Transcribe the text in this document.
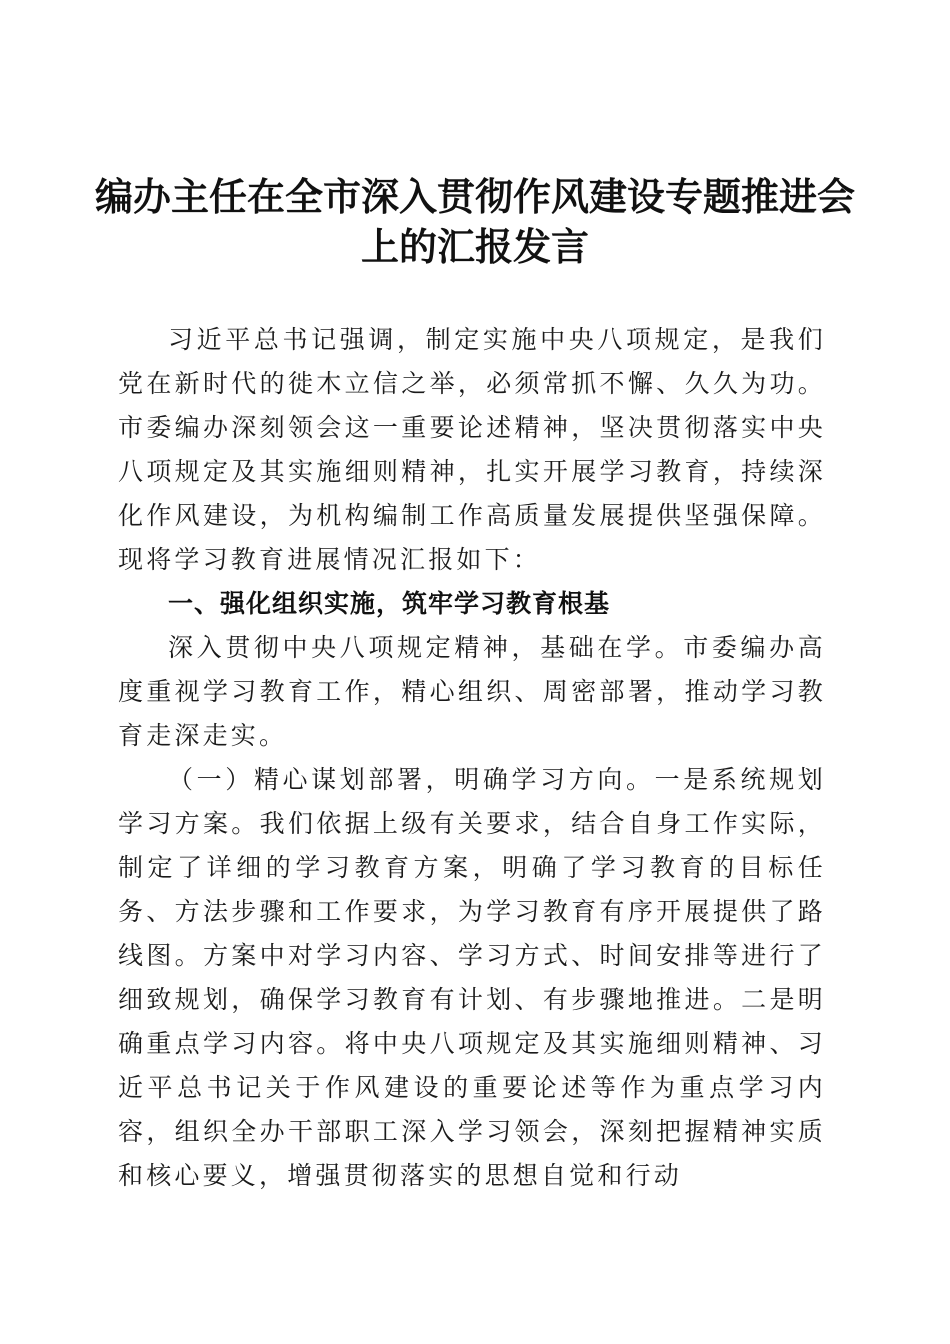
编办主任在全市深入贯彻作风建设专题推进会上的汇报发言

习近平总书记强调，制定实施中央八项规定，是我们党在新时代的徙木立信之举，必须常抓不懈、久久为功。市委编办深刻领会这一重要论述精神，坚决贯彻落实中央八项规定及其实施细则精神，扎实开展学习教育，持续深化作风建设，为机构编制工作高质量发展提供坚强保障。现将学习教育进展情况汇报如下：

一、强化组织实施，筑牢学习教育根基

深入贯彻中央八项规定精神，基础在学。市委编办高度重视学习教育工作，精心组织、周密部署，推动学习教育走深走实。

（一）精心谋划部署，明确学习方向。一是系统规划学习方案。我们依据上级有关要求，结合自身工作实际，制定了详细的学习教育方案，明确了学习教育的目标任务、方法步骤和工作要求，为学习教育有序开展提供了路线图。方案中对学习内容、学习方式、时间安排等进行了细致规划，确保学习教育有计划、有步骤地推进。二是明确重点学习内容。将中央八项规定及其实施细则精神、习近平总书记关于作风建设的重要论述等作为重点学习内容，组织全办干部职工深入学习领会，深刻把握精神实质和核心要义，增强贯彻落实的思想自觉和行动
